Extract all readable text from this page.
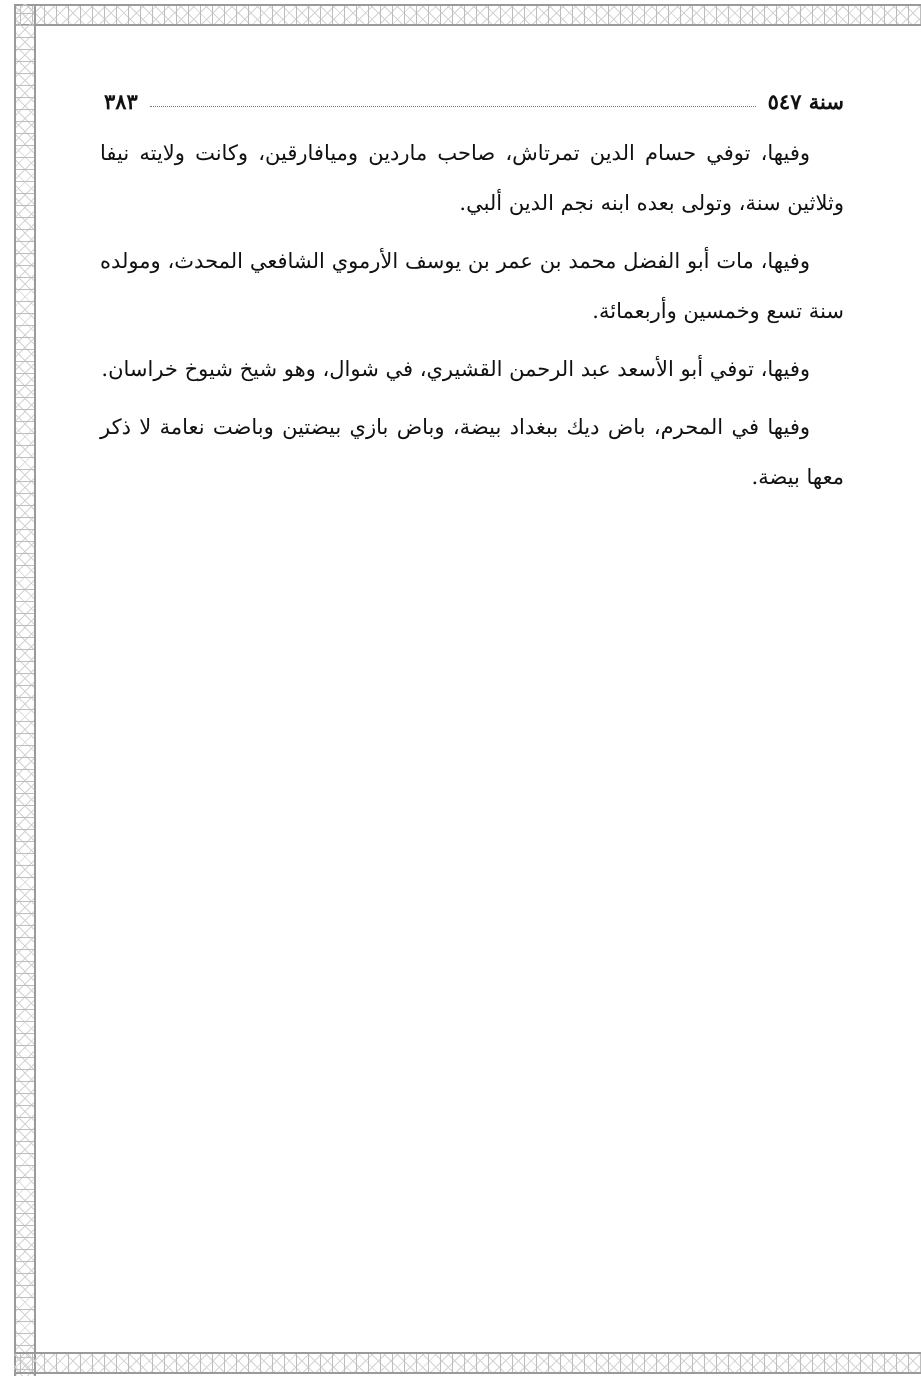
سنة ٥٤٧
٣٨٣

وفيها، توفي حسام الدين تمرتاش، صاحب ماردين وميافارقين، وكانت ولايته نيفا وثلاثين سنة، وتولى بعده ابنه نجم الدين ألبي.

وفيها، مات أبو الفضل محمد بن عمر بن يوسف الأرموي الشافعي المحدث، ومولده سنة تسع وخمسين وأربعمائة.

وفيها، توفي أبو الأسعد عبد الرحمن القشيري، في شوال، وهو شيخ شيوخ خراسان.

وفيها في المحرم، باض ديك ببغداد بيضة، وباض بازي بيضتين وباضت نعامة لا ذكر معها بيضة.
